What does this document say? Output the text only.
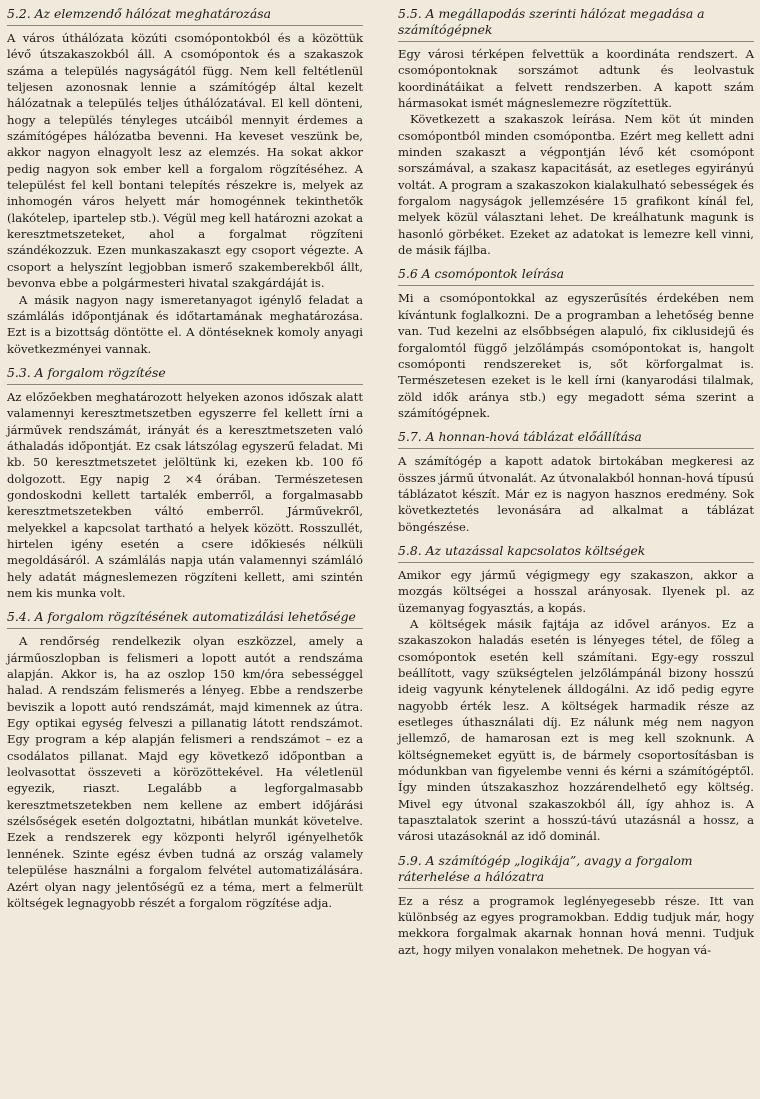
5.2. Az elemzendő hálózat meghatározása

A város úthálózata közúti csomópontokból és a közöttük lévő útszakaszokból áll. A csomópontok és a szakaszok száma a település nagyságától függ. Nem kell feltétlenül teljesen azonosnak lennie a számítógép által kezelt hálózatnak a település teljes úthálózatával. El kell dönteni, hogy a település tényleges utcáiból mennyit érdemes a számítógépes hálózatba bevenni. Ha keveset veszünk be, akkor nagyon elnagyolt lesz az elemzés. Ha sokat akkor pedig nagyon sok ember kell a forgalom rögzítéséhez. A települést fel kell bontani telepítés részekre is, melyek az inhomogén város helyett már homogénnek tekinthetők (lakótelep, ipartelep stb.). Végül meg kell határozni azokat a keresztmetszeteket, ahol a forgalmat rögzíteni szándékozzuk. Ezen munkaszakaszt egy csoport végezte. A csoport a helyszínt legjobban ismerő szakemberekből állt, bevonva ebbe a polgármesteri hivatal szakgárdáját is.

A másik nagyon nagy ismeretanyagot igénylő feladat a számlálás időpontjának és időtartamának meghatározása. Ezt is a bizottság döntötte el. A döntéseknek komoly anyagi következményei vannak.

5.3. A forgalom rögzítése

Az előzőekben meghatározott helyeken azonos időszak alatt valamennyi keresztmetszetben egyszerre fel kellett írni a járművek rendszámát, irányát és a keresztmetszeten való áthaladás időpontját. Ez csak látszólag egyszerű feladat. Mi kb. 50 keresztmetszetet jelöltünk ki, ezeken kb. 100 fő dolgozott. Egy napig 2 ×4 órában. Természetesen gondoskodni kellett tartalék emberről, a forgalmasabb keresztmetszetekben váltó emberről. Járművekről, melyekkel a kapcsolat tartható a helyek között. Rosszullét, hirtelen igény esetén a csere időkiesés nélküli megoldásáról. A számlálás napja után valamennyi számláló hely adatát mágneslemezen rögzíteni kellett, ami szintén nem kis munka volt.

5.4. A forgalom rögzítésének automatizálási lehetősége

A rendőrség rendelkezik olyan eszközzel, amely a járműoszlopban is felismeri a lopott autót a rendszáma alapján. Akkor is, ha az oszlop 150 km/óra sebességgel halad. A rendszám felismerés a lényeg. Ebbe a rendszerbe beviszik a lopott autó rendszámát, majd kimennek az útra. Egy optikai egység felveszi a pillanatig látott rendszámot. Egy program a kép alapján felismeri a rendszámot – ez a csodálatos pillanat. Majd egy következő időpontban a leolvasottat összeveti a körözöttekével. Ha véletlenül egyezik, riaszt. Legalább a legforgalmasabb keresztmetszetekben nem kellene az embert időjárási szélsőségek esetén dolgoztatni, hibátlan munkát követelve. Ezek a rendszerek egy központi helyről igényelhetők lennének. Szinte egész évben tudná az ország valamely települése használni a forgalom felvétel automatizálására. Azért olyan nagy jelentőségű ez a téma, mert a felmerült költségek legnagyobb részét a forgalom rögzítése adja.

5.5. A megállapodás szerinti hálózat megadása a számítógépnek

Egy városi térképen felvettük a koordináta rendszert. A csomópontoknak sorszámot adtunk és leolvastuk koordinátáikat a felvett rendszerben. A kapott szám hármasokat ismét mágneslemezre rögzítettük.

Következett a szakaszok leírása. Nem köt út minden csomópontból minden csomópontba. Ezért meg kellett adni minden szakaszt a végpontján lévő két csomópont sorszámával, a szakasz kapacitását, az esetleges egyirányú voltát. A program a szakaszokon kialakulható sebességek és forgalom nagyságok jellemzésére 15 grafikont kínál fel, melyek közül választani lehet. De kreálhatunk magunk is hasonló görbéket. Ezeket az adatokat is lemezre kell vinni, de másik fájlba.

5.6 A csomópontok leírása

Mi a csomópontokkal az egyszerűsítés érdekében nem kívántunk foglalkozni. De a programban a lehetőség benne van. Tud kezelni az elsőbbségen alapuló, fix ciklusidejű és forgalomtól függő jelzőlámpás csomópontokat is, hangolt csomóponti rendszereket is, sőt körforgalmat is. Természetesen ezeket is le kell írni (kanyarodási tilalmak, zöld idők aránya stb.) egy megadott séma szerint a számítógépnek.

5.7. A honnan-hová táblázat előállítása

A számítógép a kapott adatok birtokában megkeresi az összes jármű útvonalát. Az útvonalakból honnan-hová típusú táblázatot készít. Már ez is nagyon hasznos eredmény. Sok következtetés levonására ad alkalmat a táblázat böngészése.

5.8. Az utazással kapcsolatos költségek

Amikor egy jármű végigmegy egy szakaszon, akkor a mozgás költségei a hosszal arányosak. Ilyenek pl. az üzemanyag fogyasztás, a kopás.

A költségek másik fajtája az idővel arányos. Ez a szakaszokon haladás esetén is lényeges tétel, de főleg a csomópontok esetén kell számítani. Egy-egy rosszul beállított, vagy szükségtelen jelzőlámpánál bizony hosszú ideig vagyunk kénytelenek álldogálni. Az idő pedig egyre nagyobb érték lesz. A költségek harmadik része az esetleges úthasználati díj. Ez nálunk még nem nagyon jellemző, de hamarosan ezt is meg kell szoknunk. A költségnemeket együtt is, de bármely csoportosításban is módunkban van figyelembe venni és kérni a számítógéptől. Így minden útszakaszhoz hozzárendelhető egy költség. Mivel egy útvonal szakaszokból áll, így ahhoz is. A tapasztalatok szerint a hosszú-távú utazásnál a hossz, a városi utazásoknál az idő dominál.

5.9. A számítógép „logikája”, avagy a forgalom ráterhelése a hálózatra

Ez a rész a programok leglényegesebb része. Itt van különbség az egyes programokban. Eddig tudjuk már, hogy mekkora forgalmak akarnak honnan hová menni. Tudjuk azt, hogy milyen vonalakon mehetnek. De hogyan vá-
